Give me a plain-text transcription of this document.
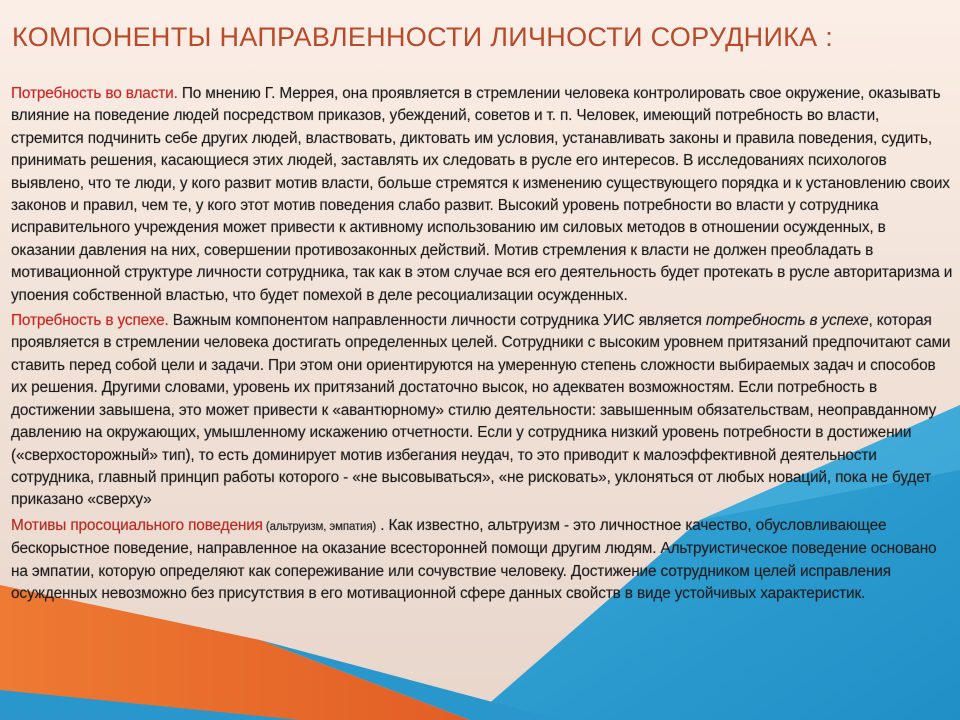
КОМПОНЕНТЫ НАПРАВЛЕННОСТИ ЛИЧНОСТИ СОРУДНИКА :

Потребность во власти. По мнению Г. Меррея, она проявляется в стремлении человека контролировать свое окружение, оказывать влияние на поведение людей посредством приказов, убеждений, советов и т. п. Человек, имеющий потребность во власти, стремится подчинить себе других людей, властвовать, диктовать им условия, устанавливать законы и правила поведения, судить, принимать решения, касающиеся этих людей, заставлять их следовать в русле его интересов. В исследованиях психологов выявлено, что те люди, у кого развит мотив власти, больше стремятся к изменению существующего порядка и к установлению своих законов и правил, чем те, у кого этот мотив поведения слабо развит. Высокий уровень потребности во власти у сотрудника исправительного учреждения может привести к активному использованию им силовых методов в отношении осужденных, в оказании давления на них, совершении противозаконных действий. Мотив стремления к власти не должен преобладать в мотивационной структуре личности сотрудника, так как в этом случае вся его деятельность будет протекать в русле авторитаризма и упоения собственной властью, что будет помехой в деле ресоциализации осужденных.

Потребность в успехе. Важным компонентом направленности личности сотрудника УИС является потребность в успехе, которая проявляется в стремлении человека достигать определенных целей. Сотрудники с высоким уровнем притязаний предпочитают сами ставить перед собой цели и задачи. При этом они ориентируются на умеренную степень сложности выбираемых задач и способов их решения. Другими словами, уровень их притязаний достаточно высок, но адекватен возможностям. Если потребность в достижении завышена, это может привести к «авантюрному» стилю деятельности: завышенным обязательствам, неоправданному давлению на окружающих, умышленному искажению отчетности. Если у сотрудника низкий уровень потребности в достижении («сверхосторожный» тип), то есть доминирует мотив избегания неудач, то это приводит к малоэффективной деятельности сотрудника, главный принцип работы которого - «не высовываться», «не рисковать», уклоняться от любых новаций, пока не будет приказано «сверху»

Мотивы просоциального поведения (альтруизм, эмпатия) . Как известно, альтруизм - это личностное качество, обусловливающее бескорыстное поведение, направленное на оказание всесторонней помощи другим людям. Альтруистическое поведение основано на эмпатии, которую определяют как сопереживание или сочувствие человеку. Достижение сотрудником целей исправления осужденных невозможно без присутствия в его мотивационной сфере данных свойств в виде устойчивых характеристик.
